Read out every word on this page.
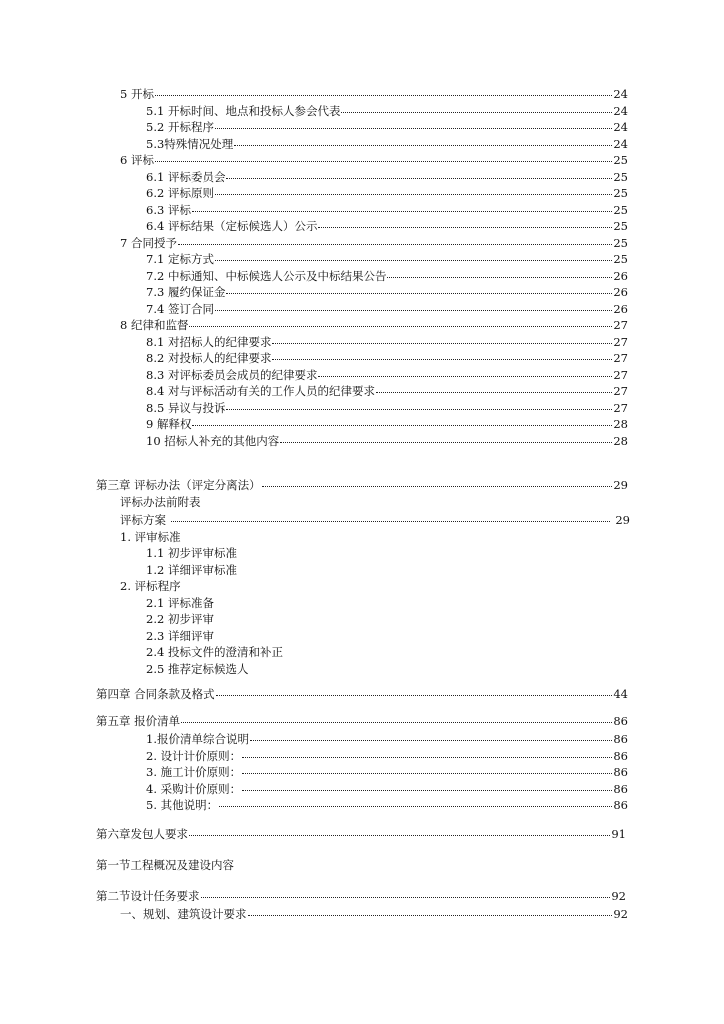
5 开标	24
5.1 开标时间、地点和投标人参会代表	24
5.2 开标程序	24
5.3特殊情况处理	24
6 评标	25
6.1 评标委员会	25
6.2 评标原则	25
6.3 评标	25
6.4 评标结果（定标候选人）公示	25
7 合同授予	25
7.1 定标方式	25
7.2 中标通知、中标候选人公示及中标结果公告	26
7.3 履约保证金	26
7.4 签订合同	26
8 纪律和监督	27
8.1 对招标人的纪律要求	27
8.2 对投标人的纪律要求	27
8.3 对评标委员会成员的纪律要求	27
8.4 对与评标活动有关的工作人员的纪律要求	27
8.5 异议与投诉	27
9 解释权	28
10 招标人补充的其他内容	28
第三章 评标办法（评定分离法）	29
评标办法前附表
评标方案	29
1. 评审标准
1.1 初步评审标准
1.2 详细评审标准
2. 评标程序
2.1 评标准备
2.2 初步评审
2.3 详细评审
2.4 投标文件的澄清和补正
2.5 推荐定标候选人
第四章 合同条款及格式	44
第五章 报价清单	86
1.报价清单综合说明	86
2. 设计计价原则：	86
3. 施工计价原则：	86
4. 采购计价原则：	86
5. 其他说明：	86
第六章发包人要求	91
第一节工程概况及建设内容
第二节设计任务要求	92
一、规划、建筑设计要求	92
